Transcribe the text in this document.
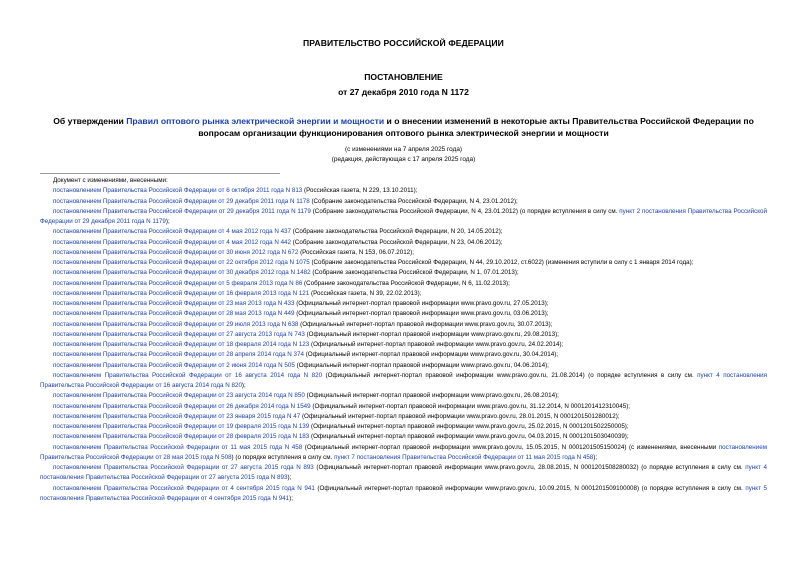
ПРАВИТЕЛЬСТВО РОССИЙСКОЙ ФЕДЕРАЦИИ
ПОСТАНОВЛЕНИЕ
от 27 декабря 2010 года N 1172
Об утверждении Правил оптового рынка электрической энергии и мощности и о внесении изменений в некоторые акты Правительства Российской Федерации по вопросам организации функционирования оптового рынка электрической энергии и мощности
(с изменениями на 7 апреля 2025 года)
(редакция, действующая с 17 апреля 2025 года)
Документ с изменениями, внесенными:

постановлением Правительства Российской Федерации от 6 октября 2011 года N 813 (Российская газета, N 229, 13.10.2011);

постановлением Правительства Российской Федерации от 29 декабря 2011 года N 1178 (Собрание законодательства Российской Федерации, N 4, 23.01.2012);

постановлением Правительства Российской Федерации от 29 декабря 2011 года N 1179 (Собрание законодательства Российской Федерации, N 4, 23.01.2012) (о порядке вступления в силу см. пункт 2 постановления Правительства Российской Федерации от 29 декабря 2011 года N 1179);

постановлением Правительства Российской Федерации от 4 мая 2012 года N 437 (Собрание законодательства Российской Федерации, N 20, 14.05.2012);

постановлением Правительства Российской Федерации от 4 мая 2012 года N 442 (Собрание законодательства Российской Федерации, N 23, 04.06.2012);

постановлением Правительства Российской Федерации от 30 июня 2012 года N 672 (Российская газета, N 153, 06.07.2012);

постановлением Правительства Российской Федерации от 22 октября 2012 года N 1075 (Собрание законодательства Российской Федерации, N 44, 29.10.2012, ст.6022) (изменения вступили в силу с 1 января 2014 года);

постановлением Правительства Российской Федерации от 30 декабря 2012 года N 1482 (Собрание законодательства Российской Федерации, N 1, 07.01.2013);

постановлением Правительства Российской Федерации от 5 февраля 2013 года N 86 (Собрание законодательства Российской Федерации, N 6, 11.02.2013);

постановлением Правительства Российской Федерации от 16 февраля 2013 года N 121 (Российская газета, N 39, 22.02.2013);

постановлением Правительства Российской Федерации от 23 мая 2013 года N 433 (Официальный интернет-портал правовой информации www.pravo.gov.ru, 27.05.2013);

постановлением Правительства Российской Федерации от 28 мая 2013 года N 449 (Официальный интернет-портал правовой информации www.pravo.gov.ru, 03.06.2013);

постановлением Правительства Российской Федерации от 29 июля 2013 года N 638 (Официальный интернет-портал правовой информации www.pravo.gov.ru, 30.07.2013);

постановлением Правительства Российской Федерации от 27 августа 2013 года N 743 (Официальный интернет-портал правовой информации www.pravo.gov.ru, 29.08.2013);

постановлением Правительства Российской Федерации от 18 февраля 2014 года N 123 (Официальный интернет-портал правовой информации www.pravo.gov.ru, 24.02.2014);

постановлением Правительства Российской Федерации от 28 апреля 2014 года N 374 (Официальный интернет-портал правовой информации www.pravo.gov.ru, 30.04.2014);

постановлением Правительства Российской Федерации от 2 июня 2014 года N 505 (Официальный интернет-портал правовой информации www.pravo.gov.ru, 04.06.2014);

постановлением Правительства Российской Федерации от 16 августа 2014 года N 820 (Официальный интернет-портал правовой информации www.pravo.gov.ru, 21.08.2014) (о порядке вступления в силу см. пункт 4 постановления Правительства Российской Федерации от 16 августа 2014 года N 820);

постановлением Правительства Российской Федерации от 23 августа 2014 года N 850 (Официальный интернет-портал правовой информации www.pravo.gov.ru, 26.08.2014);

постановлением Правительства Российской Федерации от 26 декабря 2014 года N 1549 (Официальный интернет-портал правовой информации www.pravo.gov.ru, 31.12.2014, N 0001201412310045);

постановлением Правительства Российской Федерации от 23 января 2015 года N 47 (Официальный интернет-портал правовой информации www.pravo.gov.ru, 28.01.2015, N 0001201501280012);

постановлением Правительства Российской Федерации от 19 февраля 2015 года N 139 (Официальный интернет-портал правовой информации www.pravo.gov.ru, 25.02.2015, N 0001201502250005);

постановлением Правительства Российской Федерации от 28 февраля 2015 года N 183 (Официальный интернет-портал правовой информации www.pravo.gov.ru, 04.03.2015, N 0001201503040039);

постановлением Правительства Российской Федерации от 11 мая 2015 года N 458 (Официальный интернет-портал правовой информации www.pravo.gov.ru, 15.05.2015, N 0001201505150024) (с изменениями, внесенными постановлением Правительства Российской Федерации от 28 мая 2015 года N 508) (о порядке вступления в силу см. пункт 7 постановления Правительства Российской Федерации от 11 мая 2015 года N 458);

постановлением Правительства Российской Федерации от 27 августа 2015 года N 893 (Официальный интернет-портал правовой информации www.pravo.gov.ru, 28.08.2015, N 0001201508280032) (о порядке вступления в силу см. пункт 4 постановления Правительства Российской Федерации от 27 августа 2015 года N 893);

постановлением Правительства Российской Федерации от 4 сентября 2015 года N 941 (Официальный интернет-портал правовой информации www.pravo.gov.ru, 10.09.2015, N 0001201509100008) (о порядке вступления в силу см. пункт 5 постановления Правительства Российской Федерации от 4 сентября 2015 года N 941);
